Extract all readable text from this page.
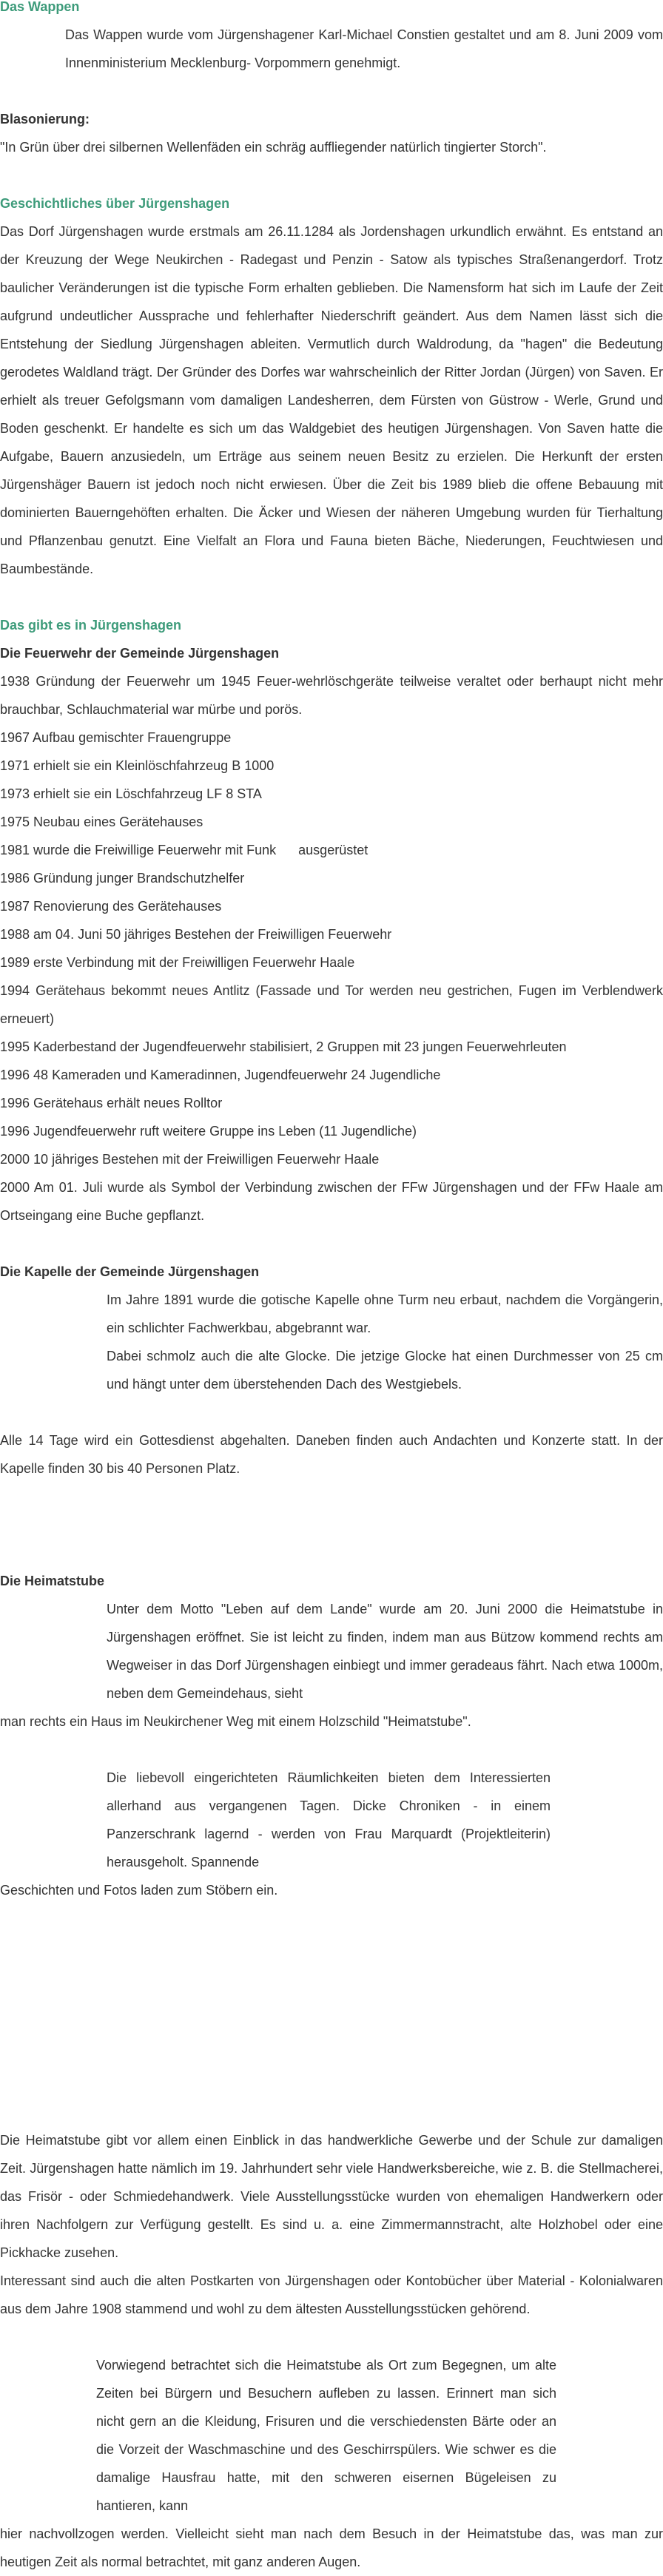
Das Wappen
Das Wappen wurde vom Jürgenshagener Karl-Michael Constien gestaltet und am 8. Juni 2009 vom Innenministerium Mecklenburg- Vorpommern genehmigt.
Blasonierung:
"In Grün über drei silbernen Wellenfäden ein schräg auffliegender natürlich tingierter Storch".
Geschichtliches über Jürgenshagen
Das Dorf Jürgenshagen wurde erstmals am 26.11.1284 als Jordenshagen urkundlich erwähnt. Es entstand an der Kreuzung der Wege Neukirchen - Radegast und Penzin - Satow als typisches Straßenangerdorf. Trotz baulicher Veränderungen ist die typische Form erhalten geblieben. Die Namensform hat sich im Laufe der Zeit aufgrund undeutlicher Aussprache und fehlerhafter Niederschrift geändert. Aus dem Namen lässt sich die Entstehung der Siedlung Jürgenshagen ableiten. Vermutlich durch Waldrodung, da "hagen" die Bedeutung gerodetes Waldland trägt. Der Gründer des Dorfes war wahrscheinlich der Ritter Jordan (Jürgen) von Saven. Er erhielt als treuer Gefolgsmann vom damaligen Landesherren, dem Fürsten von Güstrow - Werle, Grund und Boden geschenkt. Er handelte es sich um das Waldgebiet des heutigen Jürgenshagen. Von Saven hatte die Aufgabe, Bauern anzusiedeln, um Erträge aus seinem neuen Besitz zu erzielen. Die Herkunft der ersten Jürgenshäger Bauern ist jedoch noch nicht erwiesen. Über die Zeit bis 1989 blieb die offene Bebauung mit dominierten Bauerngehöften erhalten. Die Äcker und Wiesen der näheren Umgebung wurden für Tierhaltung und Pflanzenbau genutzt. Eine Vielfalt an Flora und Fauna bieten Bäche, Niederungen, Feuchtwiesen und Baumbestände.
Das gibt es in Jürgenshagen
Die Feuerwehr der Gemeinde Jürgenshagen
1938 Gründung der Feuerwehr um 1945 Feuer-wehrlöschgeräte teilweise veraltet oder berhaupt nicht mehr brauchbar, Schlauchmaterial war mürbe und porös.
1967 Aufbau gemischter Frauengruppe
1971 erhielt sie ein Kleinlöschfahrzeug B 1000
1973 erhielt sie ein Löschfahrzeug LF 8 STA
1975 Neubau eines Gerätehauses
1981 wurde die Freiwillige Feuerwehr mit Funk      ausgerüstet
1986 Gründung junger Brandschutzhelfer
1987 Renovierung des Gerätehauses
1988 am 04. Juni 50 jähriges Bestehen der Freiwilligen Feuerwehr
1989 erste Verbindung mit der Freiwilligen Feuerwehr Haale
1994 Gerätehaus bekommt neues Antlitz (Fassade und Tor werden neu gestrichen, Fugen im Verblendwerk erneuert)
1995 Kaderbestand der Jugendfeuerwehr stabilisiert, 2 Gruppen mit 23 jungen Feuerwehrleuten
1996 48 Kameraden und Kameradinnen, Jugendfeuerwehr 24 Jugendliche
1996 Gerätehaus erhält neues Rolltor
1996 Jugendfeuerwehr ruft weitere Gruppe ins Leben (11 Jugendliche)
2000 10 jähriges Bestehen mit der Freiwilligen Feuerwehr Haale
2000 Am 01. Juli wurde als Symbol der Verbindung zwischen der FFw Jürgenshagen und der FFw Haale am          Ortseingang eine Buche gepflanzt.
Die Kapelle der Gemeinde Jürgenshagen
Im Jahre 1891 wurde die gotische Kapelle ohne Turm neu erbaut, nachdem die Vorgängerin, ein schlichter Fachwerkbau, abgebrannt war.
Dabei schmolz auch die alte Glocke. Die jetzige Glocke hat einen Durchmesser von 25 cm und hängt unter dem überstehenden Dach des Westgiebels.
Alle 14 Tage wird ein Gottesdienst abgehalten. Daneben finden auch Andachten und Konzerte statt. In der Kapelle finden 30 bis 40 Personen Platz.
Die Heimatstube
Unter dem Motto "Leben auf dem Lande" wurde am 20. Juni 2000 die Heimatstube in Jürgenshagen eröffnet. Sie ist leicht zu finden, indem man aus Bützow kommend rechts am Wegweiser in das Dorf Jürgenshagen einbiegt und immer geradeaus fährt. Nach etwa 1000m, neben dem Gemeindehaus, sieht
man rechts ein Haus im Neukirchener Weg mit einem Holzschild "Heimatstube".
Die liebevoll eingerichteten Räumlichkeiten bieten dem Interessierten allerhand aus vergangenen Tagen. Dicke Chroniken - in einem Panzerschrank lagernd - werden von Frau Marquardt (Projektleiterin) herausgeholt. Spannende
Geschichten und Fotos laden zum Stöbern ein.
Die Heimatstube gibt vor allem einen Einblick in das handwerkliche Gewerbe und der Schule zur damaligen Zeit. Jürgenshagen hatte nämlich im 19. Jahrhundert sehr viele Handwerksbereiche, wie z. B. die Stellmacherei, das Frisör - oder Schmiedehandwerk. Viele Ausstellungsstücke wurden von ehemaligen Handwerkern oder ihren Nachfolgern zur Verfügung gestellt. Es sind u. a. eine Zimmermannstracht, alte Holzhobel oder eine Pickhacke zusehen.
Interessant sind auch die alten Postkarten von Jürgenshagen oder Kontobücher über Material - Kolonialwaren aus dem Jahre 1908 stammend und wohl zu dem ältesten Ausstellungsstücken gehörend.
Vorwiegend betrachtet sich die Heimatstube als Ort zum Begegnen, um alte Zeiten bei Bürgern und Besuchern aufleben zu lassen. Erinnert man sich nicht gern an die Kleidung, Frisuren und die verschiedensten Bärte oder an die Vorzeit der Waschmaschine und des Geschirrspülers. Wie schwer es die damalige Hausfrau hatte, mit den schweren eisernen Bügeleisen zu hantieren, kann
hier nachvollzogen werden. Vielleicht sieht man nach dem Besuch in der Heimatstube das, was man zur heutigen Zeit als normal betrachtet, mit ganz anderen Augen.
